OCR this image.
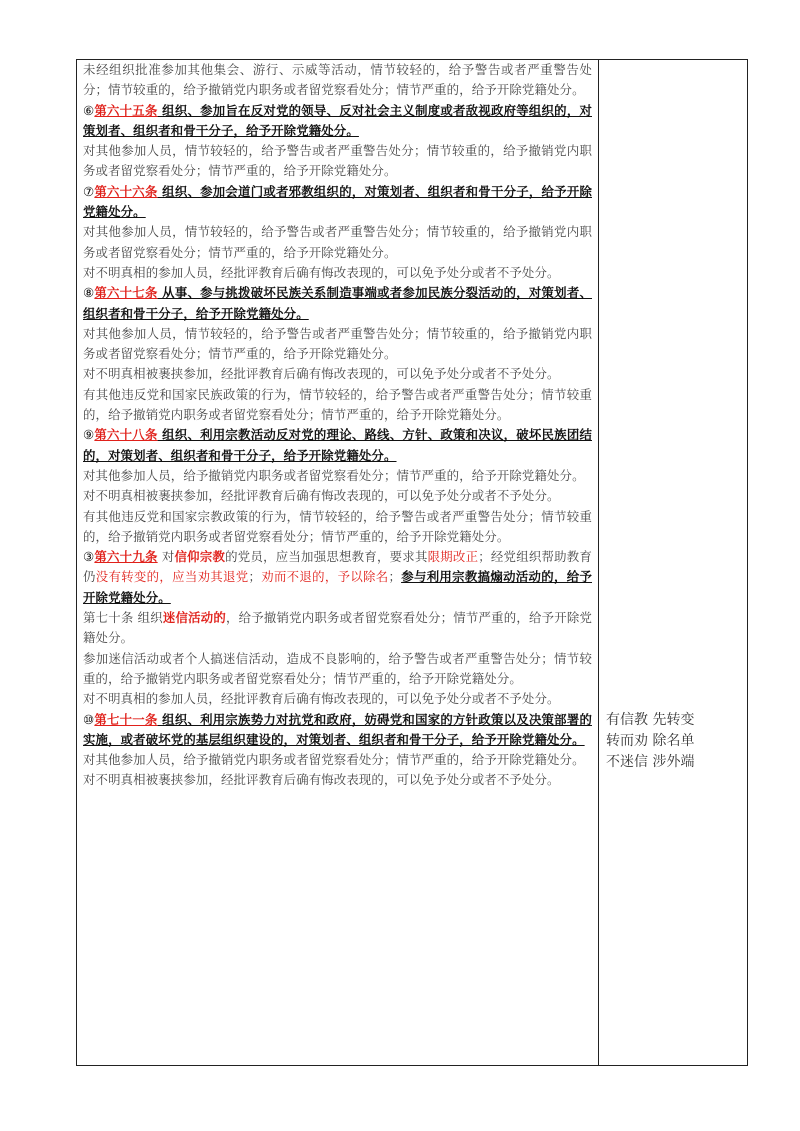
未经组织批准参加其他集会、游行、示威等活动，情节较轻的，给予警告或者严重警告处分；情节较重的，给予撤销党内职务或者留党察看处分；情节严重的，给予开除党籍处分。

⑥第六十五条 组织、参加旨在反对党的领导、反对社会主义制度或者敌视政府等组织的，对策划者、组织者和骨干分子，给予开除党籍处分。

对其他参加人员，情节较轻的，给予警告或者严重警告处分；情节较重的，给予撤销党内职务或者留党察看处分；情节严重的，给予开除党籍处分。

⑦第六十六条 组织、参加会道门或者邪教组织的，对策划者、组织者和骨干分子，给予开除党籍处分。

对其他参加人员，情节较轻的，给予警告或者严重警告处分；情节较重的，给予撤销党内职务或者留党察看处分；情节严重的，给予开除党籍处分。

对不明真相的参加人员，经批评教育后确有悔改表现的，可以免予处分或者不予处分。

⑧第六十七条 从事、参与挑拨破坏民族关系制造事端或者参加民族分裂活动的，对策划者、组织者和骨干分子，给予开除党籍处分。

对其他参加人员，情节较轻的，给予警告或者严重警告处分；情节较重的，给予撤销党内职务或者留党察看处分；情节严重的，给予开除党籍处分。

对不明真相被裹挟参加，经批评教育后确有悔改表现的，可以免予处分或者不予处分。

有其他违反党和国家民族政策的行为，情节较轻的，给予警告或者严重警告处分；情节较重的，给予撤销党内职务或者留党察看处分；情节严重的，给予开除党籍处分。

⑨第六十八条 组织、利用宗教活动反对党的理论、路线、方针、政策和决议，破坏民族团结的，对策划者、组织者和骨干分子，给予开除党籍处分。

对其他参加人员，给予撤销党内职务或者留党察看处分；情节严重的，给予开除党籍处分。

对不明真相被裹挟参加，经批评教育后确有悔改表现的，可以免予处分或者不予处分。

有其他违反党和国家宗教政策的行为，情节较轻的，给予警告或者严重警告处分；情节较重的，给予撤销党内职务或者留党察看处分；情节严重的，给予开除党籍处分。

③第六十九条 对信仰宗教的党员，应当加强思想教育，要求其限期改正；经党组织帮助教育仍没有转变的，应当劝其退党；劝而不退的，予以除名；参与利用宗教搞煽动活动的，给予开除党籍处分。

第七十条 组织迷信活动的，给予撤销党内职务或者留党察看处分；情节严重的，给予开除党籍处分。

参加迷信活动或者个人搞迷信活动，造成不良影响的，给予警告或者严重警告处分；情节较重的，给予撤销党内职务或者留党察看处分；情节严重的，给予开除党籍处分。

对不明真相的参加人员，经批评教育后确有悔改表现的，可以免予处分或者不予处分。

⑩第七十一条 组织、利用宗族势力对抗党和政府，妨碍党和国家的方针政策以及决策部署的实施，或者破坏党的基层组织建设的，对策划者、组织者和骨干分子，给予开除党籍处分。

对其他参加人员，给予撤销党内职务或者留党察看处分；情节严重的，给予开除党籍处分。

对不明真相被裹挟参加，经批评教育后确有悔改表现的，可以免予处分或者不予处分。

有信教 先转变
转而劝 除名单
不迷信 涉外端
